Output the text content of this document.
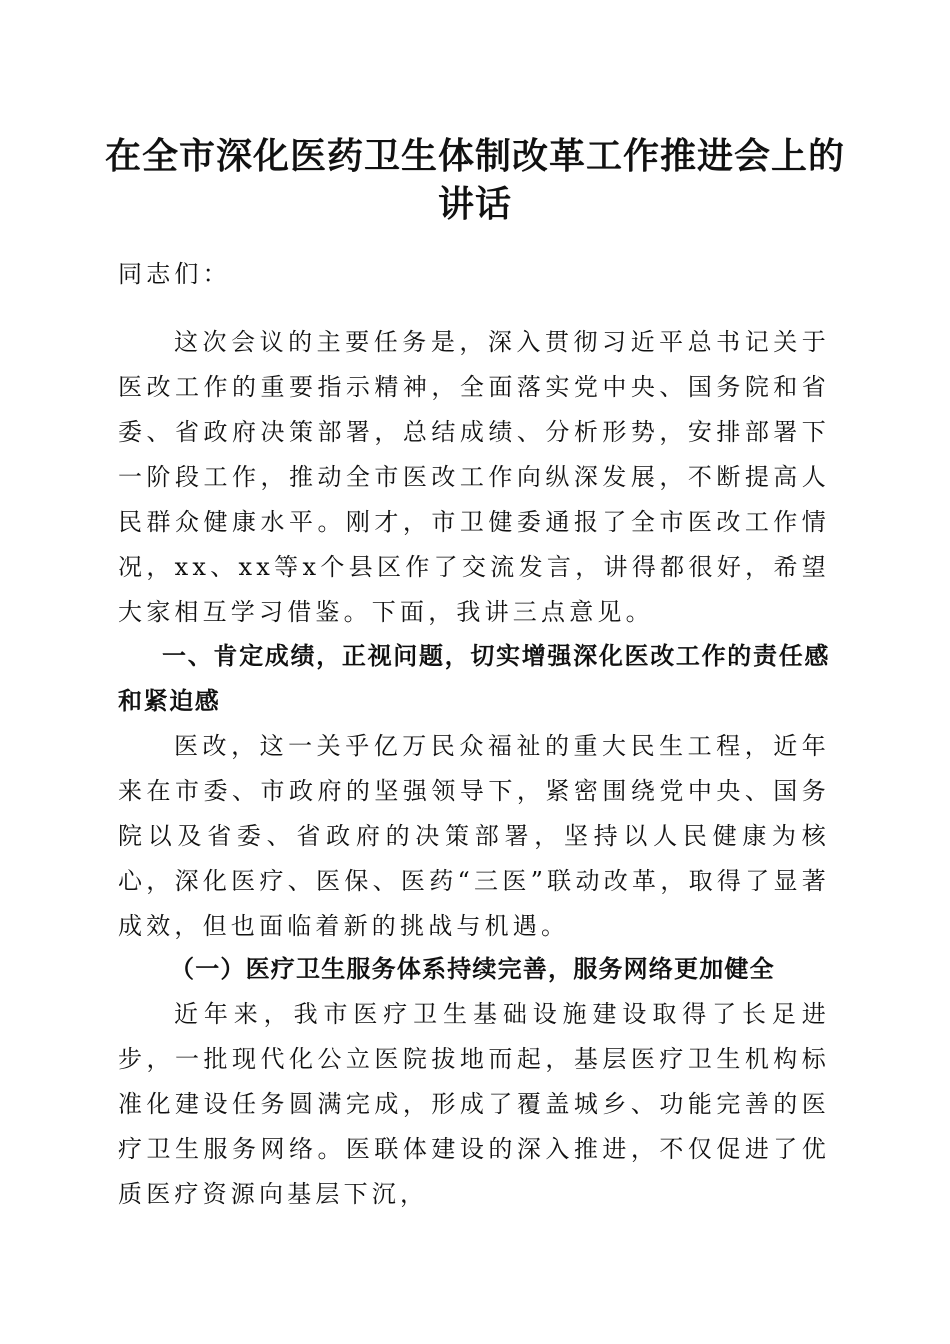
在全市深化医药卫生体制改革工作推进会上的讲话

同志们：

这次会议的主要任务是，深入贯彻习近平总书记关于医改工作的重要指示精神，全面落实党中央、国务院和省委、省政府决策部署，总结成绩、分析形势，安排部署下一阶段工作，推动全市医改工作向纵深发展，不断提高人民群众健康水平。刚才，市卫健委通报了全市医改工作情况，xx、xx等x个县区作了交流发言，讲得都很好，希望大家相互学习借鉴。下面，我讲三点意见。

一、肯定成绩，正视问题，切实增强深化医改工作的责任感和紧迫感

医改，这一关乎亿万民众福祉的重大民生工程，近年来在市委、市政府的坚强领导下，紧密围绕党中央、国务院以及省委、省政府的决策部署，坚持以人民健康为核心，深化医疗、医保、医药“三医”联动改革，取得了显著成效，但也面临着新的挑战与机遇。

（一）医疗卫生服务体系持续完善，服务网络更加健全

近年来，我市医疗卫生基础设施建设取得了长足进步，一批现代化公立医院拔地而起，基层医疗卫生机构标准化建设任务圆满完成，形成了覆盖城乡、功能完善的医疗卫生服务网络。医联体建设的深入推进，不仅促进了优质医疗资源向基层下沉，
